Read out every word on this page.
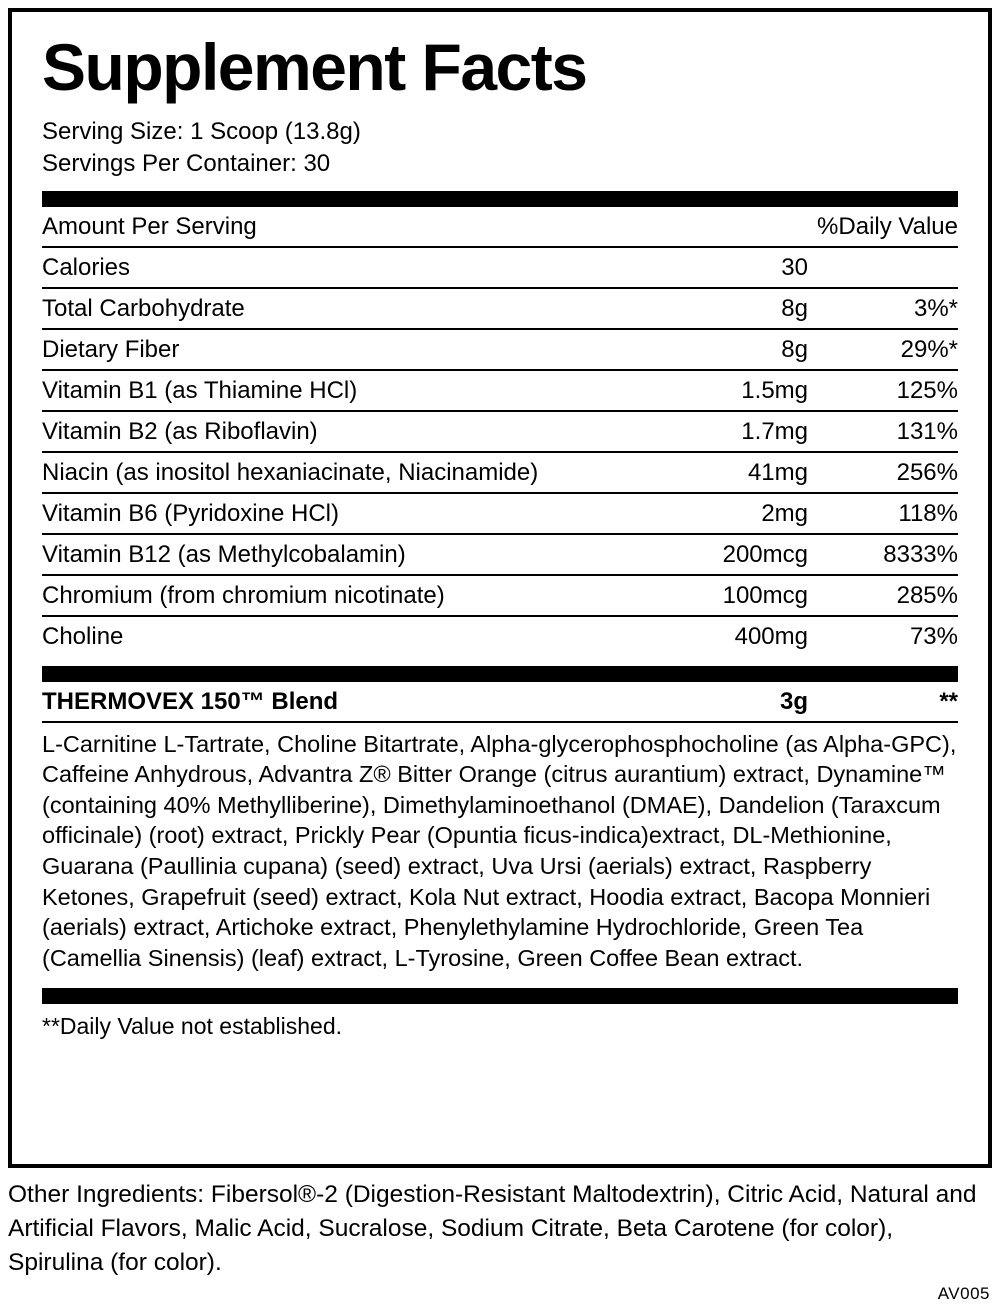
Supplement Facts
Serving Size: 1 Scoop (13.8g)
Servings Per Container: 30
Amount Per Serving		%Daily Value
Calories	30	
Total Carbohydrate	8g	3%*
Dietary Fiber	8g	29%*
Vitamin B1 (as Thiamine HCl)	1.5mg	125%
Vitamin B2 (as Riboflavin)	1.7mg	131%
Niacin (as inositol hexaniacinate, Niacinamide)	41mg	256%
Vitamin B6 (Pyridoxine HCl)	2mg	118%
Vitamin B12 (as Methylcobalamin)	200mcg	8333%
Chromium (from chromium nicotinate)	100mcg	285%
Choline	400mg	73%
THERMOVEX 150™ Blend	3g	**
L-Carnitine L-Tartrate, Choline Bitartrate, Alpha-glycerophosphocholine (as Alpha-GPC), Caffeine Anhydrous, Advantra Z® Bitter Orange (citrus aurantium) extract, Dynamine™ (containing 40% Methylliberine), Dimethylaminoethanol (DMAE), Dandelion (Taraxcum officinale) (root) extract, Prickly Pear (Opuntia ficus-indica)extract, DL-Methionine, Guarana (Paullinia cupana) (seed) extract, Uva Ursi (aerials) extract, Raspberry Ketones, Grapefruit (seed) extract, Kola Nut extract, Hoodia extract, Bacopa Monnieri (aerials) extract, Artichoke extract, Phenylethylamine Hydrochloride, Green Tea (Camellia Sinensis) (leaf) extract, L-Tyrosine, Green Coffee Bean extract.
**Daily Value not established.
Other Ingredients: Fibersol®-2 (Digestion-Resistant Maltodextrin), Citric Acid, Natural and Artificial Flavors, Malic Acid, Sucralose, Sodium Citrate, Beta Carotene (for color), Spirulina (for color).
AV005
